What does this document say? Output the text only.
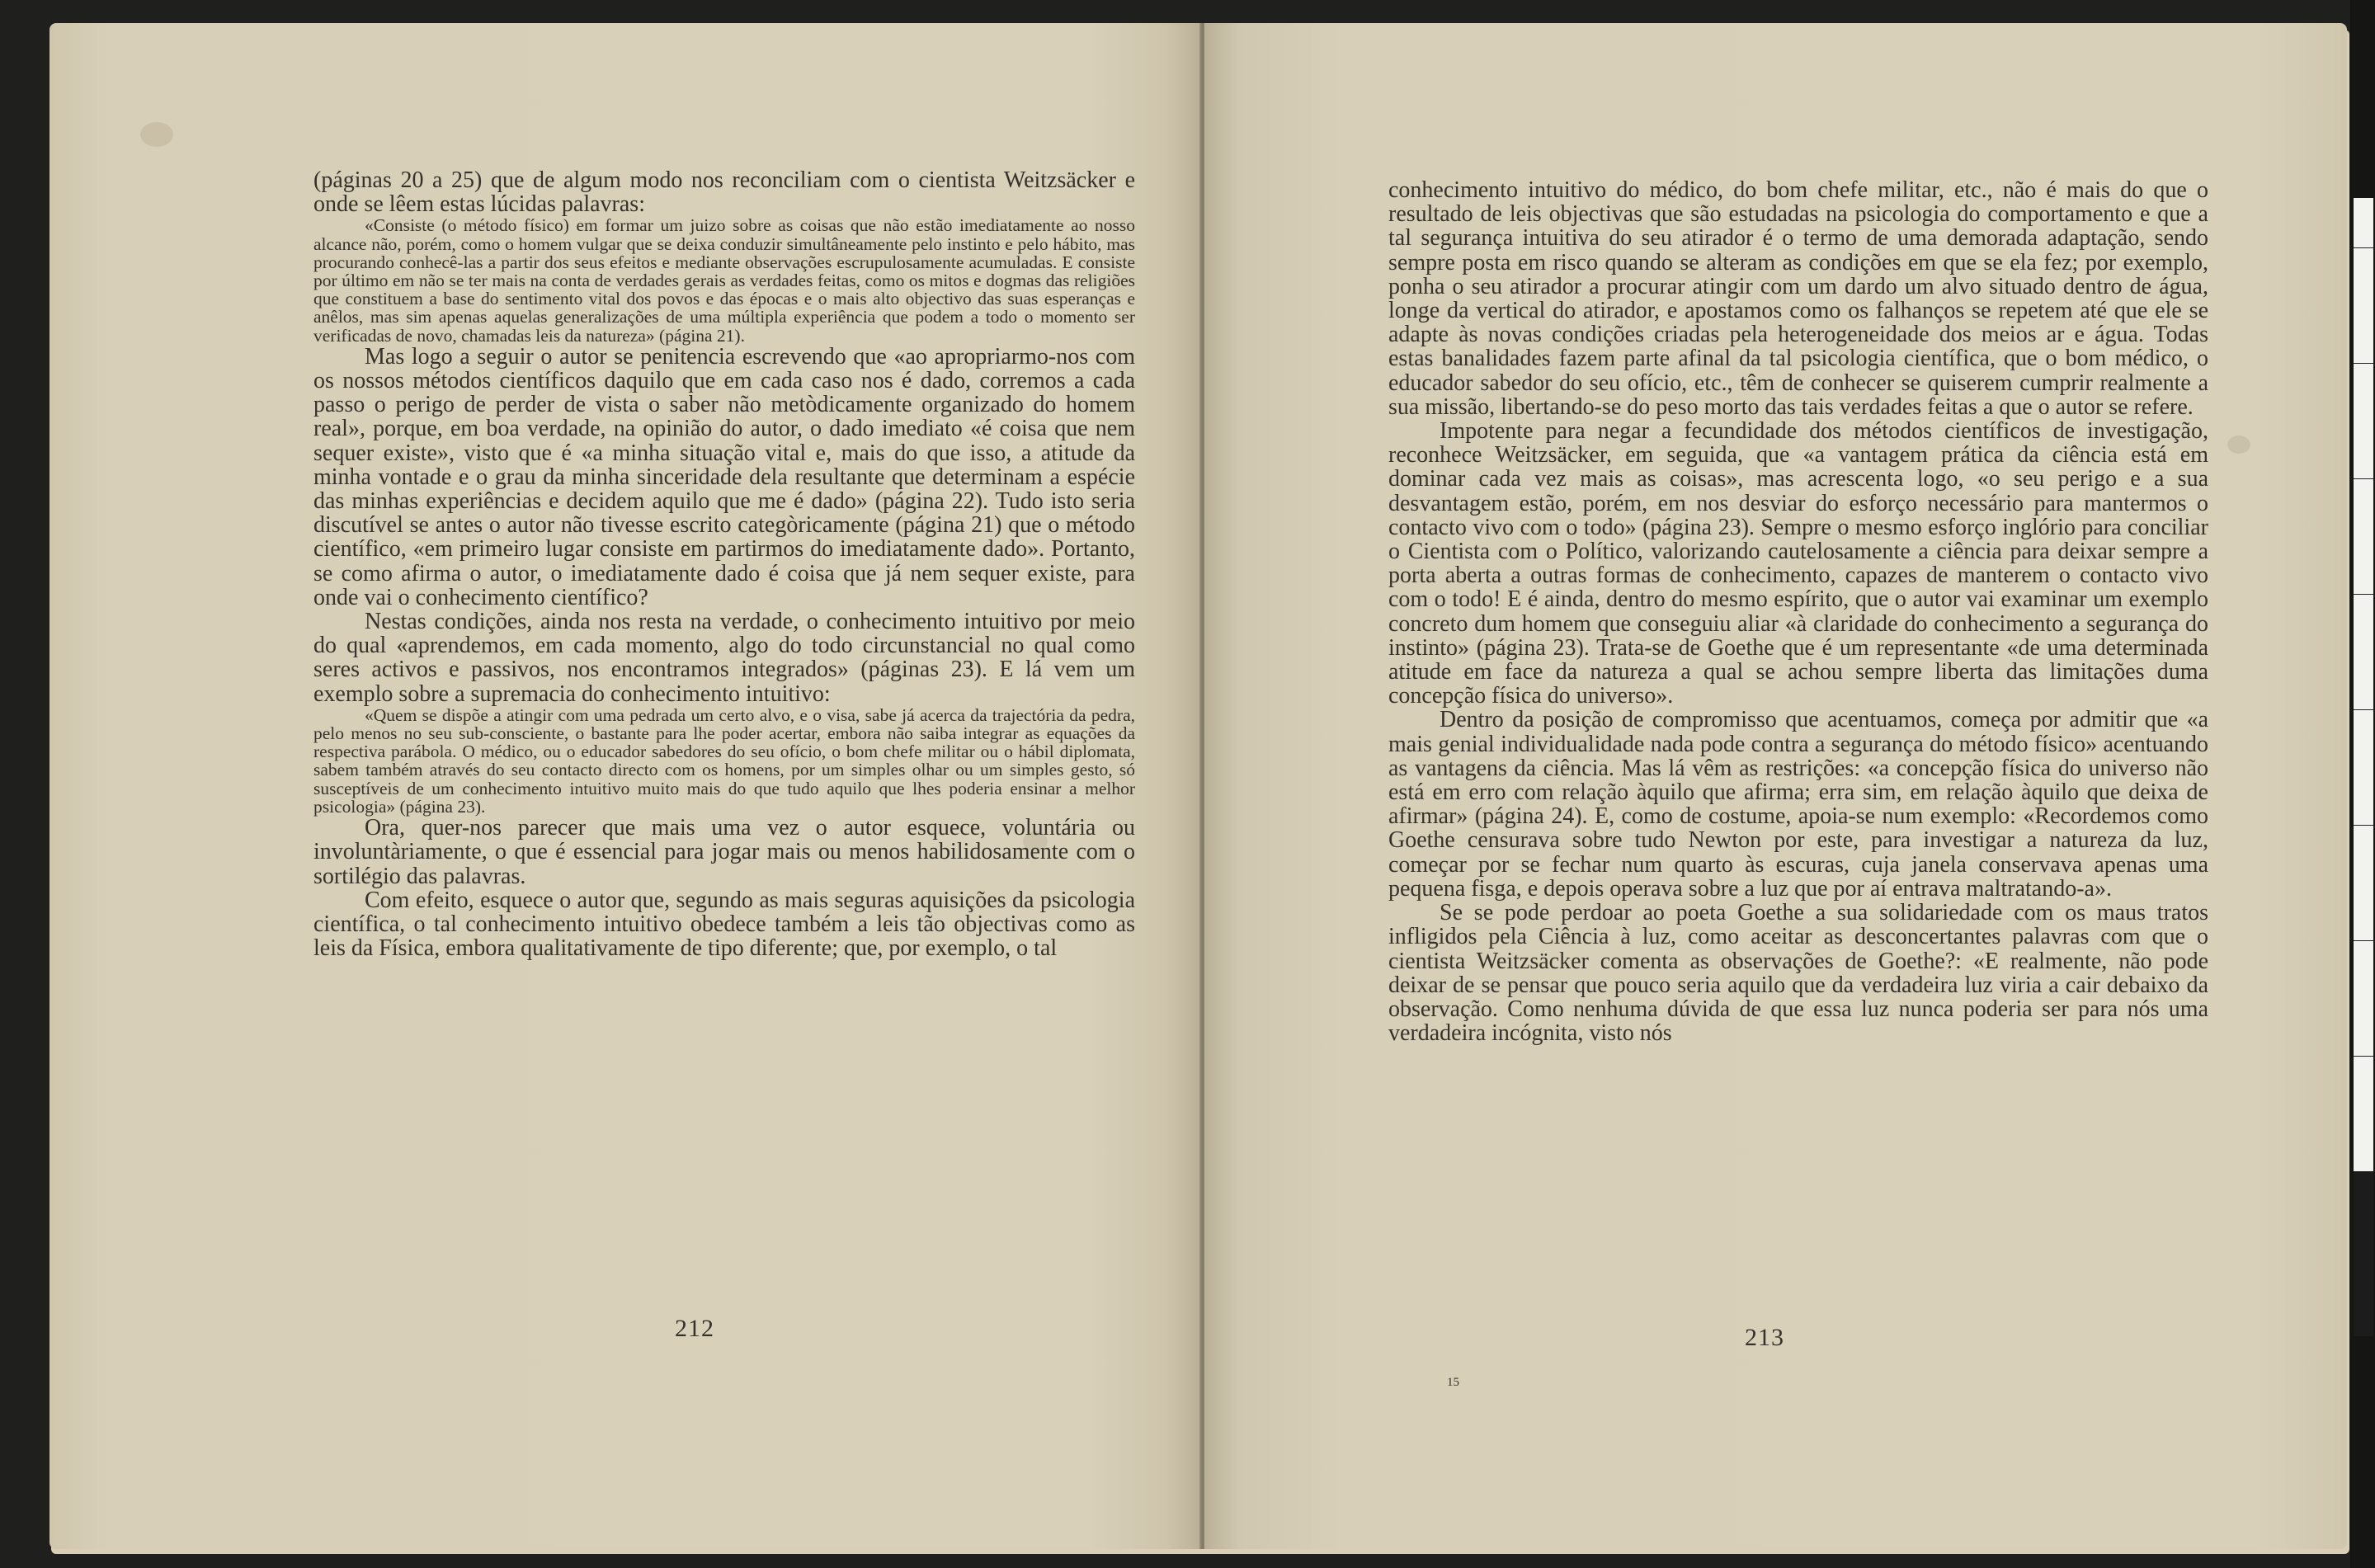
(páginas 20 a 25) que de algum modo nos reconciliam com o cientista Weitzsäcker e onde se lêem estas lúcidas palavras:

«Consiste (o método físico) em formar um juizo sobre as coisas que não estão imediatamente ao nosso alcance não, porém, como o homem vulgar que se deixa conduzir simultâneamente pelo instinto e pelo hábito, mas procurando conhecê-las a partir dos seus efeitos e mediante observações escrupulosamente acumuladas. E consiste por último em não se ter mais na conta de verdades gerais as verdades feitas, como os mitos e dogmas das religiões que constituem a base do sentimento vital dos povos e das épocas e o mais alto objectivo das suas esperanças e anêlos, mas sim apenas aquelas generalizações de uma múltipla experiência que podem a todo o momento ser verificadas de novo, chamadas leis da natureza» (página 21).

Mas logo a seguir o autor se penitencia escrevendo que «ao apropriarmo-nos com os nossos métodos científicos daquilo que em cada caso nos é dado, corremos a cada passo o perigo de perder de vista o saber não metòdicamente organizado do homem real», porque, em boa verdade, na opinião do autor, o dado imediato «é coisa que nem sequer existe», visto que é «a minha situação vital e, mais do que isso, a atitude da minha vontade e o grau da minha sinceridade dela resultante que determinam a espécie das minhas experiências e decidem aquilo que me é dado» (página 22). Tudo isto seria discutível se antes o autor não tivesse escrito categòricamente (página 21) que o método científico, «em primeiro lugar consiste em partirmos do imediatamente dado». Portanto, se como afirma o autor, o imediatamente dado é coisa que já nem sequer existe, para onde vai o conhecimento científico?

Nestas condições, ainda nos resta na verdade, o conhecimento intuitivo por meio do qual «aprendemos, em cada momento, algo do todo circunstancial no qual como seres activos e passivos, nos encontramos integrados» (páginas 23). E lá vem um exemplo sobre a supremacia do conhecimento intuitivo:

«Quem se dispõe a atingir com uma pedrada um certo alvo, e o visa, sabe já acerca da trajectória da pedra, pelo menos no seu sub-consciente, o bastante para lhe poder acertar, embora não saiba integrar as equações da respectiva parábola. O médico, ou o educador sabedores do seu ofício, o bom chefe militar ou o hábil diplomata, sabem também através do seu contacto directo com os homens, por um simples olhar ou um simples gesto, só susceptíveis de um conhecimento intuitivo muito mais do que tudo aquilo que lhes poderia ensinar a melhor psicologia» (página 23).

Ora, quer-nos parecer que mais uma vez o autor esquece, voluntária ou involuntàriamente, o que é essencial para jogar mais ou menos habilidosamente com o sortilégio das palavras.

Com efeito, esquece o autor que, segundo as mais seguras aquisições da psicologia científica, o tal conhecimento intuitivo obedece também a leis tão objectivas como as leis da Física, embora qualitativamente de tipo diferente; que, por exemplo, o tal

212

conhecimento intuitivo do médico, do bom chefe militar, etc., não é mais do que o resultado de leis objectivas que são estudadas na psicologia do comportamento e que a tal segurança intuitiva do seu atirador é o termo de uma demorada adaptação, sendo sempre posta em risco quando se alteram as condições em que se ela fez; por exemplo, ponha o seu atirador a procurar atingir com um dardo um alvo situado dentro de água, longe da vertical do atirador, e apostamos como os falhanços se repetem até que ele se adapte às novas condições criadas pela heterogeneidade dos meios ar e água. Todas estas banalidades fazem parte afinal da tal psicologia científica, que o bom médico, o educador sabedor do seu ofício, etc., têm de conhecer se quiserem cumprir realmente a sua missão, libertando-se do peso morto das tais verdades feitas a que o autor se refere.

Impotente para negar a fecundidade dos métodos científicos de investigação, reconhece Weitzsäcker, em seguida, que «a vantagem prática da ciência está em dominar cada vez mais as coisas», mas acrescenta logo, «o seu perigo e a sua desvantagem estão, porém, em nos desviar do esforço necessário para mantermos o contacto vivo com o todo» (página 23). Sempre o mesmo esforço inglório para conciliar o Cientista com o Político, valorizando cautelosamente a ciência para deixar sempre a porta aberta a outras formas de conhecimento, capazes de manterem o contacto vivo com o todo! E é ainda, dentro do mesmo espírito, que o autor vai examinar um exemplo concreto dum homem que conseguiu aliar «à claridade do conhecimento a segurança do instinto» (página 23). Trata-se de Goethe que é um representante «de uma determinada atitude em face da natureza a qual se achou sempre liberta das limitações duma concepção física do universo».

Dentro da posição de compromisso que acentuamos, começa por admitir que «a mais genial individualidade nada pode contra a segurança do método físico» acentuando as vantagens da ciência. Mas lá vêm as restrições: «a concepção física do universo não está em erro com relação àquilo que afirma; erra sim, em relação àquilo que deixa de afirmar» (página 24). E, como de costume, apoia-se num exemplo: «Recordemos como Goethe censurava sobre tudo Newton por este, para investigar a natureza da luz, começar por se fechar num quarto às escuras, cuja janela conservava apenas uma pequena fisga, e depois operava sobre a luz que por aí entrava maltratando-a».

Se se pode perdoar ao poeta Goethe a sua solidariedade com os maus tratos infligidos pela Ciência à luz, como aceitar as desconcertantes palavras com que o cientista Weitzsäcker comenta as observações de Goethe?: «E realmente, não pode deixar de se pensar que pouco seria aquilo que da verdadeira luz viria a cair debaixo da observação. Como nenhuma dúvida de que essa luz nunca poderia ser para nós uma verdadeira incógnita, visto nós

213
15
